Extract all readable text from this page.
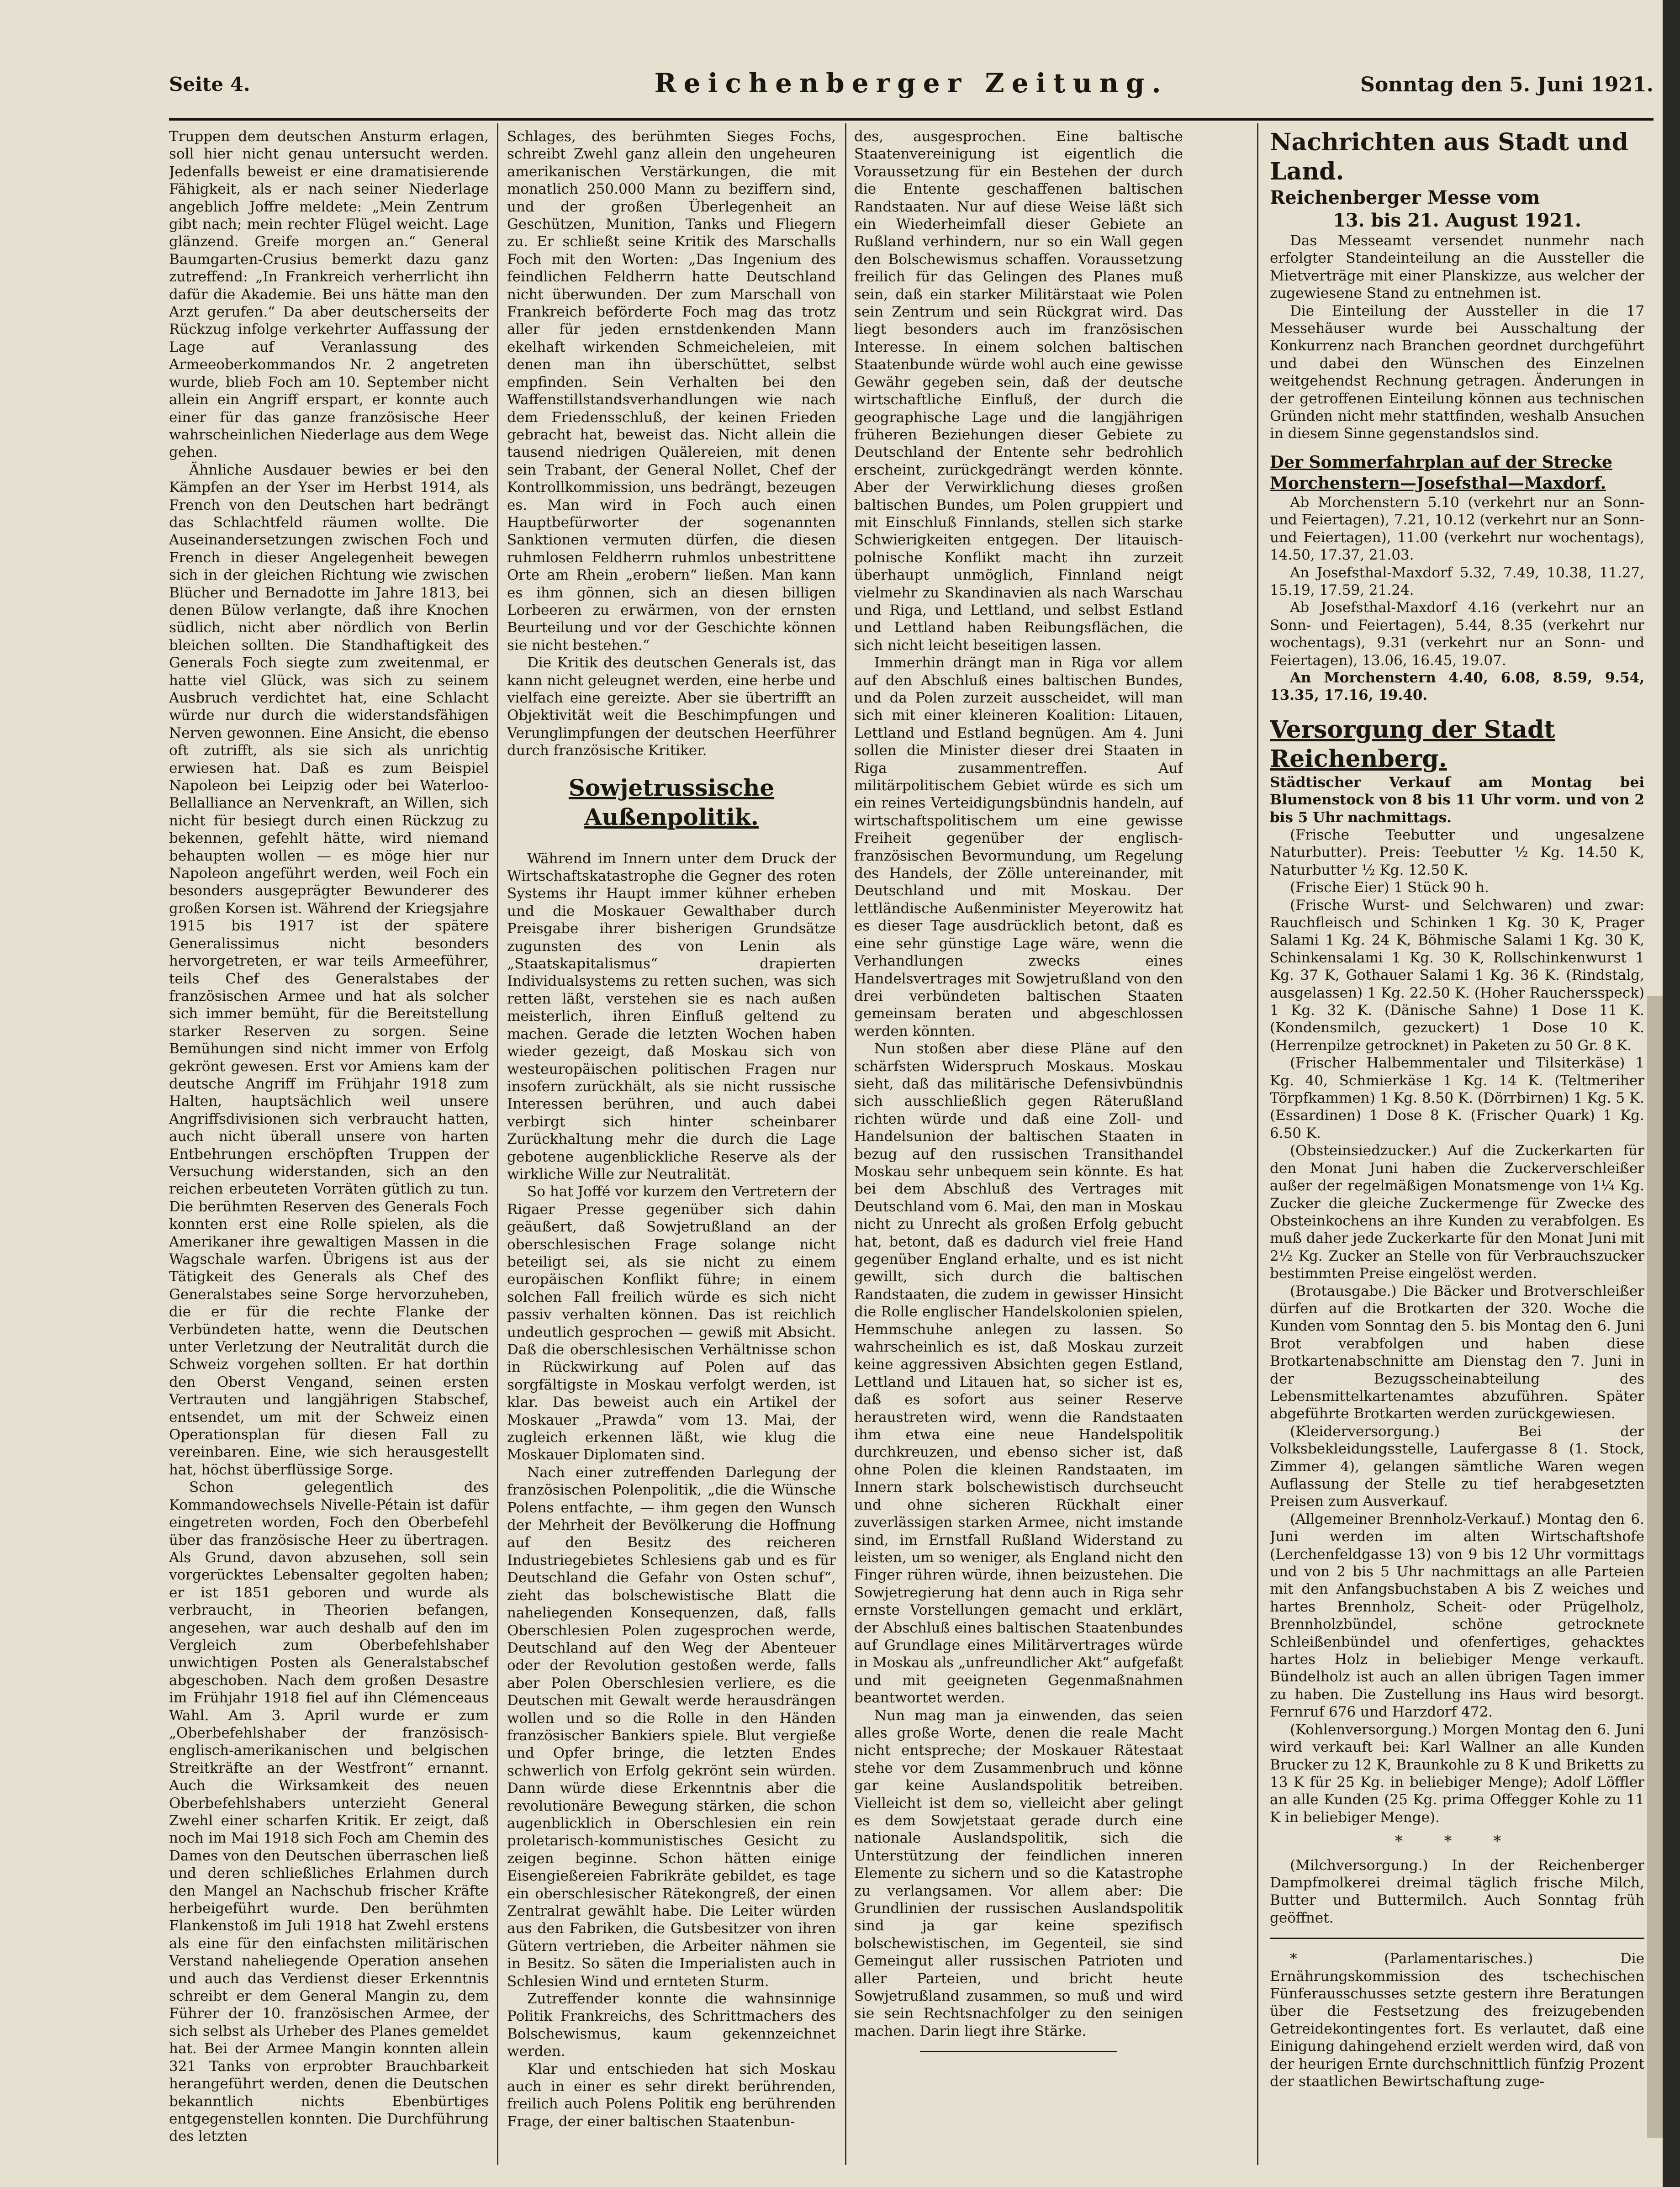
Seite 4.	Reichenberger Zeitung.	Sonntag den 5. Juni 1921.

Truppen dem deutschen Ansturm erlagen, soll hier nicht genau untersucht werden. Jedenfalls beweist er eine dramatisierende Fähigkeit, als er nach seiner Niederlage angeblich Joffre meldete: „Mein Zentrum gibt nach; mein rechter Flügel weicht. Lage glänzend. Greife morgen an.“ General Baumgarten-Crusius bemerkt dazu ganz zutreffend: „In Frankreich verherrlicht ihn dafür die Akademie. Bei uns hätte man den Arzt gerufen.“ Da aber deutscherseits der Rückzug infolge verkehrter Auffassung der Lage auf Veranlassung des Armeeoberkommandos Nr. 2 angetreten wurde, blieb Foch am 10. September nicht allein ein Angriff erspart, er konnte auch einer für das ganze französische Heer wahrscheinlichen Niederlage aus dem Wege gehen.

Ähnliche Ausdauer bewies er bei den Kämpfen an der Yser im Herbst 1914, als French von den Deutschen hart bedrängt das Schlachtfeld räumen wollte. Die Auseinandersetzungen zwischen Foch und French in dieser Angelegenheit bewegen sich in der gleichen Richtung wie zwischen Blücher und Bernadotte im Jahre 1813, bei denen Bülow verlangte, daß ihre Knochen südlich, nicht aber nördlich von Berlin bleichen sollten. Die Standhaftigkeit des Generals Foch siegte zum zweitenmal, er hatte viel Glück, was sich zu seinem Ausbruch verdichtet hat, eine Schlacht würde nur durch die widerstandsfähigen Nerven gewonnen. Eine Ansicht, die ebenso oft zutrifft, als sie sich als unrichtig erwiesen hat. Daß es zum Beispiel Napoleon bei Leipzig oder bei Waterloo-Bellalliance an Nervenkraft, an Willen, sich nicht für besiegt durch einen Rückzug zu bekennen, gefehlt hätte, wird niemand behaupten wollen — es möge hier nur Napoleon angeführt werden, weil Foch ein besonders ausgeprägter Bewunderer des großen Korsen ist. Während der Kriegsjahre 1915 bis 1917 ist der spätere Generalissimus nicht besonders hervorgetreten, er war teils Armeeführer, teils Chef des Generalstabes der französischen Armee und hat als solcher sich immer bemüht, für die Bereitstellung starker Reserven zu sorgen. Seine Bemühungen sind nicht immer von Erfolg gekrönt gewesen. Erst vor Amiens kam der deutsche Angriff im Frühjahr 1918 zum Halten, hauptsächlich weil unsere Angriffsdivisionen sich verbraucht hatten, auch nicht überall unsere von harten Entbehrungen erschöpften Truppen der Versuchung widerstanden, sich an den reichen erbeuteten Vorräten gütlich zu tun. Die berühmten Reserven des Generals Foch konnten erst eine Rolle spielen, als die Amerikaner ihre gewaltigen Massen in die Wagschale warfen. Übrigens ist aus der Tätigkeit des Generals als Chef des Generalstabes seine Sorge hervorzuheben, die er für die rechte Flanke der Verbündeten hatte, wenn die Deutschen unter Verletzung der Neutralität durch die Schweiz vorgehen sollten. Er hat dorthin den Oberst Vengand, seinen ersten Vertrauten und langjährigen Stabschef, entsendet, um mit der Schweiz einen Operationsplan für diesen Fall zu vereinbaren. Eine, wie sich herausgestellt hat, höchst überflüssige Sorge.

Schon gelegentlich des Kommandowechsels Nivelle-Pétain ist dafür eingetreten worden, Foch den Oberbefehl über das französische Heer zu übertragen. Als Grund, davon abzusehen, soll sein vorgerücktes Lebensalter gegolten haben; er ist 1851 geboren und wurde als verbraucht, in Theorien befangen, angesehen, war auch deshalb auf den im Vergleich zum Oberbefehlshaber unwichtigen Posten als Generalstabschef abgeschoben. Nach dem großen Desastre im Frühjahr 1918 fiel auf ihn Clémenceaus Wahl. Am 3. April wurde er zum „Oberbefehlshaber der französisch-englisch-amerikanischen und belgischen Streitkräfte an der Westfront“ ernannt. Auch die Wirksamkeit des neuen Oberbefehlshabers unterzieht General Zwehl einer scharfen Kritik. Er zeigt, daß noch im Mai 1918 sich Foch am Chemin des Dames von den Deutschen überraschen ließ und deren schließliches Erlahmen durch den Mangel an Nachschub frischer Kräfte herbeigeführt wurde. Den berühmten Flankenstoß im Juli 1918 hat Zwehl erstens als eine für den einfachsten militärischen Verstand naheliegende Operation ansehen und auch das Verdienst dieser Erkenntnis schreibt er dem General Mangin zu, dem Führer der 10. französischen Armee, der sich selbst als Urheber des Planes gemeldet hat. Bei der Armee Mangin konnten allein 321 Tanks von erprobter Brauchbarkeit herangeführt werden, denen die Deutschen bekanntlich nichts Ebenbürtiges entgegenstellen konnten. Die Durchführung des letzten

Schlages, des berühmten Sieges Fochs, schreibt Zwehl ganz allein den ungeheuren amerikanischen Verstärkungen, die mit monatlich 250.000 Mann zu beziffern sind, und der großen Überlegenheit an Geschützen, Munition, Tanks und Fliegern zu. Er schließt seine Kritik des Marschalls Foch mit den Worten: „Das Ingenium des feindlichen Feldherrn hatte Deutschland nicht überwunden. Der zum Marschall von Frankreich beförderte Foch mag das trotz aller für jeden ernstdenkenden Mann ekelhaft wirkenden Schmeicheleien, mit denen man ihn überschüttet, selbst empfinden. Sein Verhalten bei den Waffenstillstandsverhandlungen wie nach dem Friedensschluß, der keinen Frieden gebracht hat, beweist das. Nicht allein die tausend niedrigen Quälereien, mit denen sein Trabant, der General Nollet, Chef der Kontrollkommission, uns bedrängt, bezeugen es. Man wird in Foch auch einen Hauptbefürworter der sogenannten Sanktionen vermuten dürfen, die diesen ruhmlosen Feldherrn ruhmlos unbestrittene Orte am Rhein „erobern“ ließen. Man kann es ihm gönnen, sich an diesen billigen Lorbeeren zu erwärmen, von der ernsten Beurteilung und vor der Geschichte können sie nicht bestehen.“

Die Kritik des deutschen Generals ist, das kann nicht geleugnet werden, eine herbe und vielfach eine gereizte. Aber sie übertrifft an Objektivität weit die Beschimpfungen und Verunglimpfungen der deutschen Heerführer durch französische Kritiker.

Sowjetrussische Außenpolitik.

Während im Innern unter dem Druck der Wirtschaftskatastrophe die Gegner des roten Systems ihr Haupt immer kühner erheben und die Moskauer Gewalthaber durch Preisgabe ihrer bisherigen Grundsätze zugunsten des von Lenin als „Staatskapitalismus“ drapierten Individualsystems zu retten suchen, was sich retten läßt, verstehen sie es nach außen meisterlich, ihren Einfluß geltend zu machen. Gerade die letzten Wochen haben wieder gezeigt, daß Moskau sich von westeuropäischen politischen Fragen nur insofern zurückhält, als sie nicht russische Interessen berühren, und auch dabei verbirgt sich hinter scheinbarer Zurückhaltung mehr die durch die Lage gebotene augenblickliche Reserve als der wirkliche Wille zur Neutralität.

So hat Joffé vor kurzem den Vertretern der Rigaer Presse gegenüber sich dahin geäußert, daß Sowjetrußland an der oberschlesischen Frage solange nicht beteiligt sei, als sie nicht zu einem europäischen Konflikt führe; in einem solchen Fall freilich würde es sich nicht passiv verhalten können. Das ist reichlich undeutlich gesprochen — gewiß mit Absicht. Daß die oberschlesischen Verhältnisse schon in Rückwirkung auf Polen auf das sorgfältigste in Moskau verfolgt werden, ist klar. Das beweist auch ein Artikel der Moskauer „Prawda“ vom 13. Mai, der zugleich erkennen läßt, wie klug die Moskauer Diplomaten sind.

Nach einer zutreffenden Darlegung der französischen Polenpolitik, „die die Wünsche Polens entfachte, — ihm gegen den Wunsch der Mehrheit der Bevölkerung die Hoffnung auf den Besitz des reicheren Industriegebietes Schlesiens gab und es für Deutschland die Gefahr von Osten schuf“, zieht das bolschewistische Blatt die naheliegenden Konsequenzen, daß, falls Oberschlesien Polen zugesprochen werde, Deutschland auf den Weg der Abenteuer oder der Revolution gestoßen werde, falls aber Polen Oberschlesien verliere, es die Deutschen mit Gewalt werde herausdrängen wollen und so die Rolle in den Händen französischer Bankiers spiele. Blut vergieße und Opfer bringe, die letzten Endes schwerlich von Erfolg gekrönt sein würden. Dann würde diese Erkenntnis aber die revolutionäre Bewegung stärken, die schon augenblicklich in Oberschlesien ein rein proletarisch-kommunistisches Gesicht zu zeigen beginne. Schon hätten einige Eisengießereien Fabrikräte gebildet, es tage ein oberschlesischer Rätekongreß, der einen Zentralrat gewählt habe. Die Leiter würden aus den Fabriken, die Gutsbesitzer von ihren Gütern vertrieben, die Arbeiter nähmen sie in Besitz. So säten die Imperialisten auch in Schlesien Wind und ernteten Sturm.

Zutreffender konnte die wahnsinnige Politik Frankreichs, des Schrittmachers des Bolschewismus, kaum gekennzeichnet werden.

Klar und entschieden hat sich Moskau auch in einer es sehr direkt berührenden, freilich auch Polens Politik eng berührenden Frage, der einer baltischen Staatenbun-

des, ausgesprochen. Eine baltische Staatenvereinigung ist eigentlich die Voraussetzung für ein Bestehen der durch die Entente geschaffenen baltischen Randstaaten. Nur auf diese Weise läßt sich ein Wiederheimfall dieser Gebiete an Rußland verhindern, nur so ein Wall gegen den Bolschewismus schaffen. Voraussetzung freilich für das Gelingen des Planes muß sein, daß ein starker Militärstaat wie Polen sein Zentrum und sein Rückgrat wird. Das liegt besonders auch im französischen Interesse. In einem solchen baltischen Staatenbunde würde wohl auch eine gewisse Gewähr gegeben sein, daß der deutsche wirtschaftliche Einfluß, der durch die geographische Lage und die langjährigen früheren Beziehungen dieser Gebiete zu Deutschland der Entente sehr bedrohlich erscheint, zurückgedrängt werden könnte. Aber der Verwirklichung dieses großen baltischen Bundes, um Polen gruppiert und mit Einschluß Finnlands, stellen sich starke Schwierigkeiten entgegen. Der litauisch-polnische Konflikt macht ihn zurzeit überhaupt unmöglich, Finnland neigt vielmehr zu Skandinavien als nach Warschau und Riga, und Lettland, und selbst Estland und Lettland haben Reibungsflächen, die sich nicht leicht beseitigen lassen.

Immerhin drängt man in Riga vor allem auf den Abschluß eines baltischen Bundes, und da Polen zurzeit ausscheidet, will man sich mit einer kleineren Koalition: Litauen, Lettland und Estland begnügen. Am 4. Juni sollen die Minister dieser drei Staaten in Riga zusammentreffen. Auf militärpolitischem Gebiet würde es sich um ein reines Verteidigungsbündnis handeln, auf wirtschaftspolitischem um eine gewisse Freiheit gegenüber der englisch-französischen Bevormundung, um Regelung des Handels, der Zölle untereinander, mit Deutschland und mit Moskau. Der lettländische Außenminister Meyerowitz hat es dieser Tage ausdrücklich betont, daß es eine sehr günstige Lage wäre, wenn die Verhandlungen zwecks eines Handelsvertrages mit Sowjetrußland von den drei verbündeten baltischen Staaten gemeinsam beraten und abgeschlossen werden könnten.

Nun stoßen aber diese Pläne auf den schärfsten Widerspruch Moskaus. Moskau sieht, daß das militärische Defensivbündnis sich ausschließlich gegen Räterußland richten würde und daß eine Zoll- und Handelsunion der baltischen Staaten in bezug auf den russischen Transithandel Moskau sehr unbequem sein könnte. Es hat bei dem Abschluß des Vertrages mit Deutschland vom 6. Mai, den man in Moskau nicht zu Unrecht als großen Erfolg gebucht hat, betont, daß es dadurch viel freie Hand gegenüber England erhalte, und es ist nicht gewillt, sich durch die baltischen Randstaaten, die zudem in gewisser Hinsicht die Rolle englischer Handelskolonien spielen, Hemmschuhe anlegen zu lassen. So wahrscheinlich es ist, daß Moskau zurzeit keine aggressiven Absichten gegen Estland, Lettland und Litauen hat, so sicher ist es, daß es sofort aus seiner Reserve heraustreten wird, wenn die Randstaaten ihm etwa eine neue Handelspolitik durchkreuzen, und ebenso sicher ist, daß ohne Polen die kleinen Randstaaten, im Innern stark bolschewistisch durchseucht und ohne sicheren Rückhalt einer zuverlässigen starken Armee, nicht imstande sind, im Ernstfall Rußland Widerstand zu leisten, um so weniger, als England nicht den Finger rühren würde, ihnen beizustehen. Die Sowjetregierung hat denn auch in Riga sehr ernste Vorstellungen gemacht und erklärt, der Abschluß eines baltischen Staatenbundes auf Grundlage eines Militärvertrages würde in Moskau als „unfreundlicher Akt“ aufgefaßt und mit geeigneten Gegenmaßnahmen beantwortet werden.

Nun mag man ja einwenden, das seien alles große Worte, denen die reale Macht nicht entspreche; der Moskauer Rätestaat stehe vor dem Zusammenbruch und könne gar keine Auslandspolitik betreiben. Vielleicht ist dem so, vielleicht aber gelingt es dem Sowjetstaat gerade durch eine nationale Auslandspolitik, sich die Unterstützung der feindlichen inneren Elemente zu sichern und so die Katastrophe zu verlangsamen. Vor allem aber: Die Grundlinien der russischen Auslandspolitik sind ja gar keine spezifisch bolschewistischen, im Gegenteil, sie sind Gemeingut aller russischen Patrioten und aller Parteien, und bricht heute Sowjetrußland zusammen, so muß und wird sie sein Rechtsnachfolger zu den seinigen machen. Darin liegt ihre Stärke.

Nachrichten aus Stadt und Land.

Reichenberger Messe vom

13. bis 21. August 1921.

Das Messeamt versendet nunmehr nach erfolgter Standeinteilung an die Aussteller die Mietverträge mit einer Planskizze, aus welcher der zugewiesene Stand zu entnehmen ist.

Die Einteilung der Aussteller in die 17 Messehäuser wurde bei Ausschaltung der Konkurrenz nach Branchen geordnet durchgeführt und dabei den Wünschen des Einzelnen weitgehendst Rechnung getragen. Änderungen in der getroffenen Einteilung können aus technischen Gründen nicht mehr stattfinden, weshalb Ansuchen in diesem Sinne gegenstandslos sind.

Der Sommerfahrplan auf der Strecke Morchenstern—Josefsthal—Maxdorf.

Ab Morchenstern 5.10 (verkehrt nur an Sonn- und Feiertagen), 7.21, 10.12 (verkehrt nur an Sonn- und Feiertagen), 11.00 (verkehrt nur wochentags), 14.50, 17.37, 21.03.

An Josefsthal-Maxdorf 5.32, 7.49, 10.38, 11.27, 15.19, 17.59, 21.24.

Ab Josefsthal-Maxdorf 4.16 (verkehrt nur an Sonn- und Feiertagen), 5.44, 8.35 (verkehrt nur wochentags), 9.31 (verkehrt nur an Sonn- und Feiertagen), 13.06, 16.45, 19.07.

An Morchenstern 4.40, 6.08, 8.59, 9.54, 13.35, 17.16, 19.40.

Versorgung der Stadt Reichenberg.

Städtischer Verkauf am Montag bei Blumenstock von 8 bis 11 Uhr vorm. und von 2 bis 5 Uhr nachmittags.

(Frische Teebutter und ungesalzene Naturbutter). Preis: Teebutter ½ Kg. 14.50 K, Naturbutter ½ Kg. 12.50 K.

(Frische Eier) 1 Stück 90 h.

(Frische Wurst- und Selchwaren) und zwar: Rauchfleisch und Schinken 1 Kg. 30 K, Prager Salami 1 Kg. 24 K, Böhmische Salami 1 Kg. 30 K, Schinkensalami 1 Kg. 30 K, Rollschinkenwurst 1 Kg. 37 K, Gothauer Salami 1 Kg. 36 K. (Rindstalg, ausgelassen) 1 Kg. 22.50 K. (Hoher Rauchersspeck) 1 Kg. 32 K. (Dänische Sahne) 1 Dose 11 K. (Kondensmilch, gezuckert) 1 Dose 10 K. (Herrenpilze getrocknet) in Paketen zu 50 Gr. 8 K.

(Frischer Halbemmentaler und Tilsiterkäse) 1 Kg. 40, Schmierkäse 1 Kg. 14 K. (Teltmeriher Törpfkammen) 1 Kg. 8.50 K. (Dörrbirnen) 1 Kg. 5 K. (Essardinen) 1 Dose 8 K. (Frischer Quark) 1 Kg. 6.50 K.

(Obsteinsiedzucker.) Auf die Zuckerkarten für den Monat Juni haben die Zuckerverschleißer außer der regelmäßigen Monatsmenge von 1¼ Kg. Zucker die gleiche Zuckermenge für Zwecke des Obsteinkochens an ihre Kunden zu verabfolgen. Es muß daher jede Zuckerkarte für den Monat Juni mit 2½ Kg. Zucker an Stelle von für Verbrauchszucker bestimmten Preise eingelöst werden.

(Brotausgabe.) Die Bäcker und Brotverschleißer dürfen auf die Brotkarten der 320. Woche die Kunden vom Sonntag den 5. bis Montag den 6. Juni Brot verabfolgen und haben diese Brotkartenabschnitte am Dienstag den 7. Juni in der Bezugsscheinabteilung des Lebensmittelkartenamtes abzuführen. Später abgeführte Brotkarten werden zurückgewiesen.

(Kleiderversorgung.) Bei der Volksbekleidungsstelle, Laufergasse 8 (1. Stock, Zimmer 4), gelangen sämtliche Waren wegen Auflassung der Stelle zu tief herabgesetzten Preisen zum Ausverkauf.

(Allgemeiner Brennholz-Verkauf.) Montag den 6. Juni werden im alten Wirtschaftshofe (Lerchenfeldgasse 13) von 9 bis 12 Uhr vormittags und von 2 bis 5 Uhr nachmittags an alle Parteien mit den Anfangsbuchstaben A bis Z weiches und hartes Brennholz, Scheit- oder Prügelholz, Brennholzbündel, schöne getrocknete Schleißenbündel und ofenfertiges, gehacktes hartes Holz in beliebiger Menge verkauft. Bündelholz ist auch an allen übrigen Tagen immer zu haben. Die Zustellung ins Haus wird besorgt. Fernruf 676 und Harzdorf 472.

(Kohlenversorgung.) Morgen Montag den 6. Juni wird verkauft bei: Karl Wallner an alle Kunden Brucker zu 12 K, Braunkohle zu 8 K und Briketts zu 13 K für 25 Kg. in beliebiger Menge); Adolf Löffler an alle Kunden (25 Kg. prima Offegger Kohle zu 11 K in beliebiger Menge).

* * *

(Milchversorgung.) In der Reichenberger Dampfmolkerei dreimal täglich frische Milch, Butter und Buttermilch. Auch Sonntag früh geöffnet.

* (Parlamentarisches.) Die Ernährungskommission des tschechischen Fünferausschusses setzte gestern ihre Beratungen über die Festsetzung des freizugebenden Getreidekontingentes fort. Es verlautet, daß eine Einigung dahingehend erzielt werden wird, daß von der heurigen Ernte durchschnittlich fünfzig Prozent der staatlichen Bewirtschaftung zuge-
